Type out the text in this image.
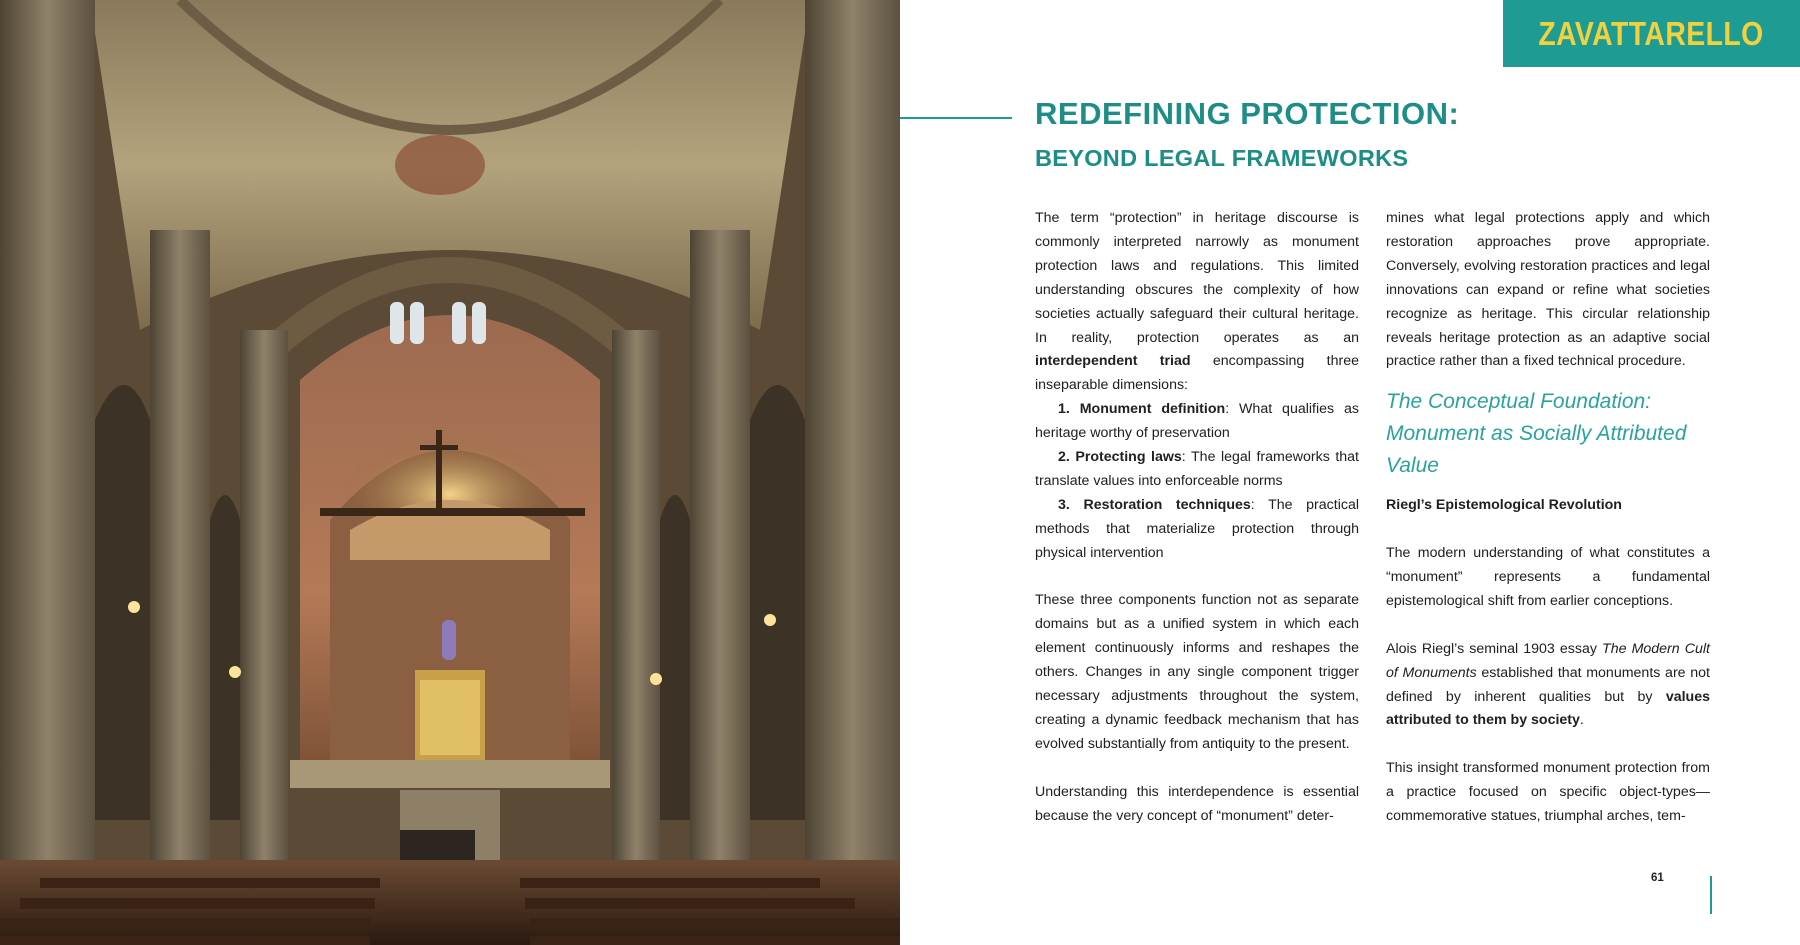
ZAVATTARELLO
REDEFINING PROTECTION:
BEYOND LEGAL FRAMEWORKS

The term “protection” in heritage discourse is commonly interpreted narrowly as monument protection laws and regulations. This limited understanding obscures the complexity of how societies actually safeguard their cultural heritage. In reality, protection operates as an interdependent triad encompassing three inseparable dimensions:

1. Monument definition: What qualifies as heritage worthy of preservation

2. Protecting laws: The legal frameworks that translate values into enforceable norms

3. Restoration techniques: The practical methods that materialize protection through physical intervention

These three components function not as separate domains but as a unified system in which each element continuously informs and reshapes the others. Changes in any single component trigger necessary adjustments throughout the system, creating a dynamic feedback mechanism that has evolved substantially from antiquity to the present.

Understanding this interdependence is essential because the very concept of “monument” deter-

mines what legal protections apply and which restoration approaches prove appropriate. Conversely, evolving restoration practices and legal innovations can expand or refine what societies recognize as heritage. This circular relationship reveals heritage protection as an adaptive social practice rather than a fixed technical procedure.

The Conceptual Foundation: Monument as Socially Attributed Value
Riegl’s Epistemological Revolution

The modern understanding of what constitutes a “monument” represents a fundamental epistemological shift from earlier conceptions.

Alois Riegl’s seminal 1903 essay The Modern Cult of Monuments established that monuments are not defined by inherent qualities but by values attributed to them by society.

This insight transformed monument protection from a practice focused on specific object-types—commemorative statues, triumphal arches, tem-

61
